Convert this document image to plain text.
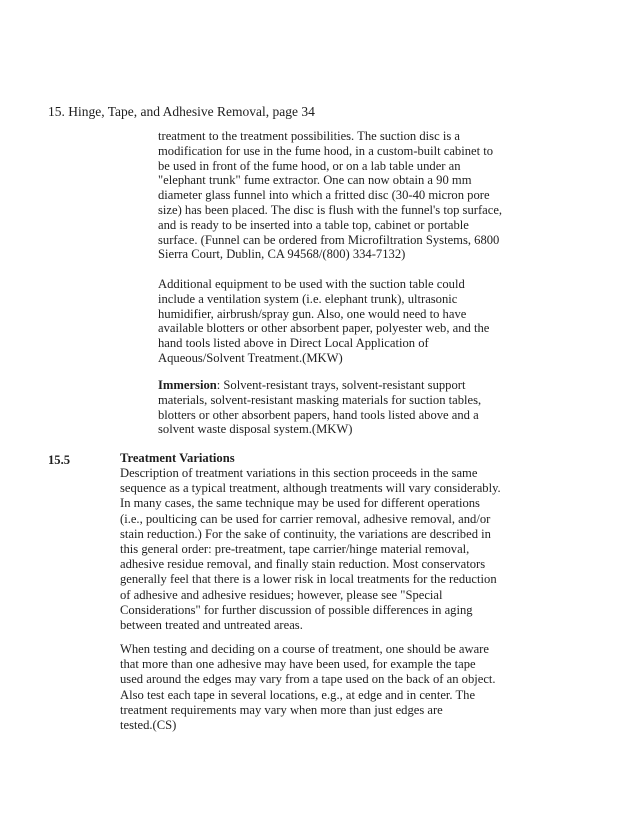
15. Hinge, Tape, and Adhesive Removal, page 34
treatment to the treatment possibilities. The suction disc is a
modification for use in the fume hood, in a custom-built cabinet to
be used in front of the fume hood, or on a lab table under an
"elephant trunk" fume extractor. One can now obtain a 90 mm
diameter glass funnel into which a fritted disc (30-40 micron pore
size) has been placed. The disc is flush with the funnel's top surface,
and is ready to be inserted into a table top, cabinet or portable
surface. (Funnel can be ordered from Microfiltration Systems, 6800
Sierra Court, Dublin, CA 94568/(800) 334-7132)
Additional equipment to be used with the suction table could
include a ventilation system (i.e. elephant trunk), ultrasonic
humidifier, airbrush/spray gun. Also, one would need to have
available blotters or other absorbent paper, polyester web, and the
hand tools listed above in Direct Local Application of
Aqueous/Solvent Treatment.(MKW)
Immersion: Solvent-resistant trays, solvent-resistant support
materials, solvent-resistant masking materials for suction tables,
blotters or other absorbent papers, hand tools listed above and a
solvent waste disposal system.(MKW)
15.5	Treatment Variations
Description of treatment variations in this section proceeds in the same
sequence as a typical treatment, although treatments will vary considerably.
In many cases, the same technique may be used for different operations
(i.e., poulticing can be used for carrier removal, adhesive removal, and/or
stain reduction.) For the sake of continuity, the variations are described in
this general order: pre-treatment, tape carrier/hinge material removal,
adhesive residue removal, and finally stain reduction. Most conservators
generally feel that there is a lower risk in local treatments for the reduction
of adhesive and adhesive residues; however, please see "Special
Considerations" for further discussion of possible differences in aging
between treated and untreated areas.
When testing and deciding on a course of treatment, one should be aware
that more than one adhesive may have been used, for example the tape
used around the edges may vary from a tape used on the back of an object.
Also test each tape in several locations, e.g., at edge and in center. The
treatment requirements may vary when more than just edges are
tested.(CS)
